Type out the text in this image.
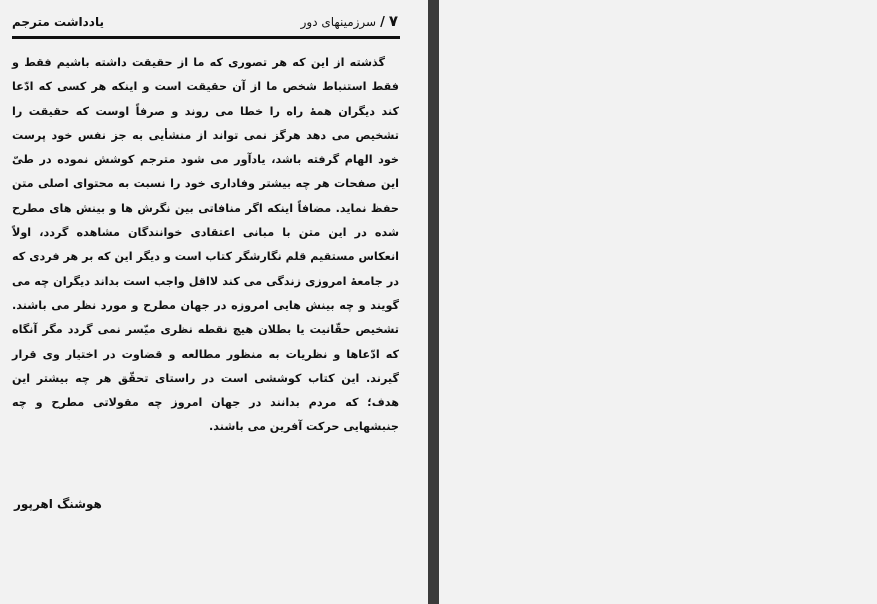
۷
/
سرزمینهای دور
یادداشت مترجم
گذشته از این که هر تصوری که ما از حقیقت داشته باشیم فقط و فقط استنباط شخص ما از آن حقیقت است و اینکه هر کسی که ادّعا کند دیگران همهٔ راه را خطا می روند و صرفاً اوست که حقیقت را تشخیص می دهد هرگز نمی تواند از منشأیی به جز نفس خود پرست خود الهام گرفته باشد، یادآور می شود مترجم کوشش نموده در طیّ این صفحات هر چه بیشتر وفاداری خود را نسبت به محتوای اصلی متن حفظ نماید. مضافاً اینکه اگر منافاتی بین نگرش ها و بینش های مطرح شده در این متن با مبانی اعتقادی خوانندگان مشاهده گردد، اولاً انعکاس مستقیم قلم نگارشگر کتاب است و دیگر این که بر هر فردی که در جامعهٔ امروزی زندگی می کند لااقل واجب است بداند دیگران چه می گویند و چه بینش هایی امروزه در جهان مطرح و مورد نظر می باشند. تشخیص حقّانیت یا بطلان هیچ نقطه نظری میّسر نمی گردد مگر آنگاه که ادّعاها و نظریات به منظور مطالعه و قضاوت در اختیار وی قرار گیرند. این کتاب کوششی است در راستای تحقّق هر چه بیشتر این هدف؛ که مردم بدانند در جهان امروز چه مقولاتی مطرح و چه جنبشهایی حرکت آفرین می باشند.
هوشنگ اهرپور
